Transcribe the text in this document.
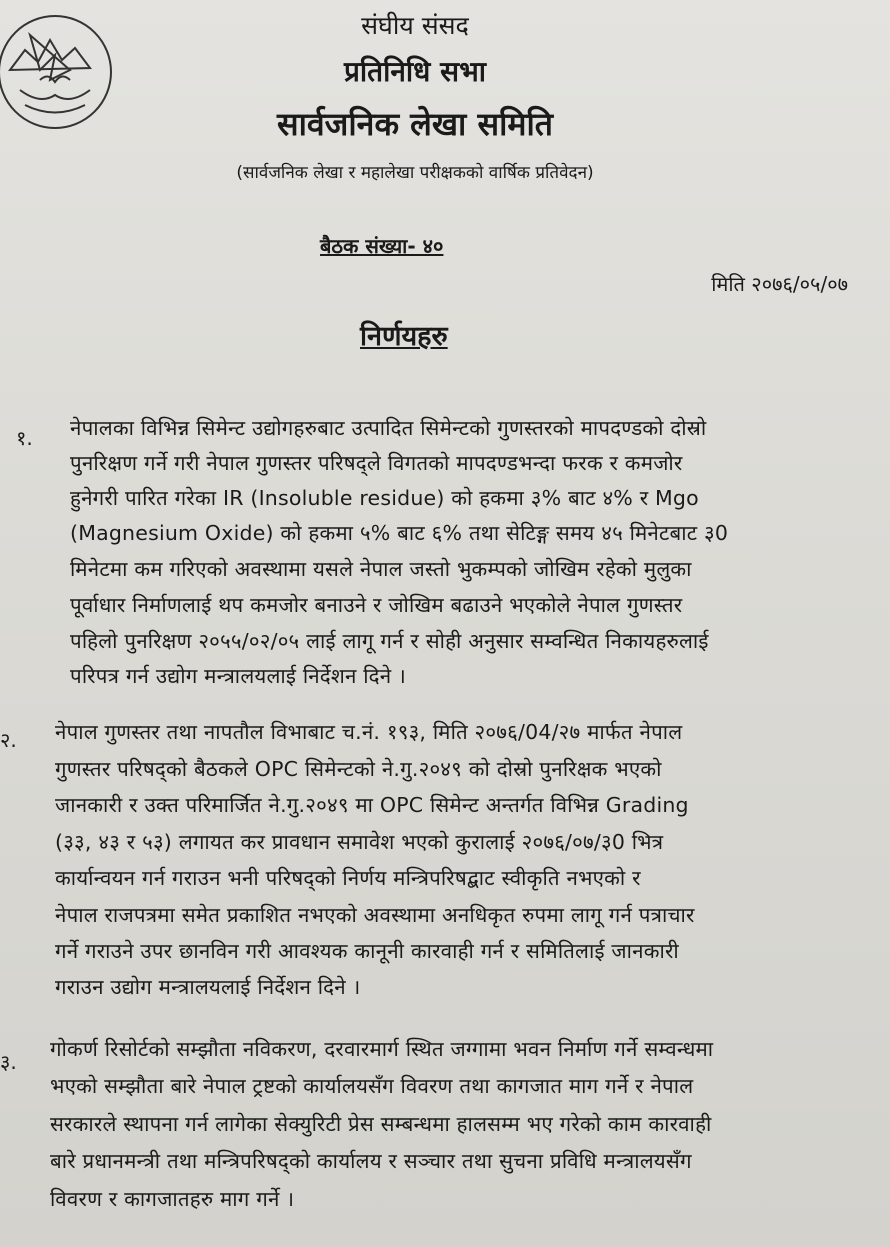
संघीय संसद
प्रतिनिधि सभा
सार्वजनिक लेखा समिति
(सार्वजनिक लेखा र महालेखा परीक्षकको वार्षिक प्रतिवेदन)
बैठक संख्या- ४०
मिति २०७६/०५/०७
निर्णयहरु
१. नेपालका विभिन्न सिमेन्ट उद्योगहरुबाट उत्पादित सिमेन्टको गुणस्तरको मापदण्डको दोस्रो
पुनरिक्षण गर्ने गरी नेपाल गुणस्तर परिषद्ले विगतको मापदण्डभन्दा फरक र कमजोर
हुनेगरी पारित गरेका IR (Insoluble residue) को हकमा ३% बाट ४% र Mgo
(Magnesium Oxide) को हकमा ५% बाट ६% तथा सेटिङ्ग समय ४५ मिनेटबाट ३0
मिनेटमा कम गरिएको अवस्थामा यसले नेपाल जस्तो भुकम्पको जोखिम रहेको मुलुका
पूर्वाधार निर्माणलाई थप कमजोर बनाउने र जोखिम बढाउने भएकोले नेपाल गुणस्तर
पहिलो पुनरिक्षण २०५५/०२/०५ लाई लागू गर्न र सोही अनुसार सम्वन्धित निकायहरुलाई
परिपत्र गर्न उद्योग मन्त्रालयलाई निर्देशन दिने ।
२. नेपाल गुणस्तर तथा नापतौल विभाबाट च.नं. १९३, मिति २०७६/04/२७ मार्फत नेपाल
गुणस्तर परिषद्को बैठकले OPC सिमेन्टको ने.गु.२०४९ को दोस्रो पुनरिक्षक भएको
जानकारी र उक्त परिमार्जित ने.गु.२०४९ मा OPC सिमेन्ट अन्तर्गत विभिन्न Grading
(३३, ४३ र ५३) लगायत कर प्रावधान समावेश भएको कुरालाई २०७६/०७/३0 भित्र
कार्यान्वयन गर्न गराउन भनी परिषद्को निर्णय मन्त्रिपरिषद्बाट स्वीकृति नभएको र
नेपाल राजपत्रमा समेत प्रकाशित नभएको अवस्थामा अनधिकृत रुपमा लागू गर्न पत्राचार
गर्ने गराउने उपर छानविन गरी आवश्यक कानूनी कारवाही गर्न र समितिलाई जानकारी
गराउन उद्योग मन्त्रालयलाई निर्देशन दिने ।
३.
गोकर्ण रिसोर्टको सम्झौता नविकरण, दरवारमार्ग स्थित जग्गामा भवन निर्माण गर्ने सम्वन्धमा
भएको सम्झौता बारे नेपाल ट्रष्टको कार्यालयसँग विवरण तथा कागजात माग गर्ने र नेपाल
सरकारले स्थापना गर्न लागेका सेक्युरिटी प्रेस सम्बन्धमा हालसम्म भए गरेको काम कारवाही
बारे प्रधानमन्त्री तथा मन्त्रिपरिषद्को कार्यालय र सञ्चार तथा सुचना प्रविधि मन्त्रालयसँग
विवरण र कागजातहरु माग गर्ने ।
